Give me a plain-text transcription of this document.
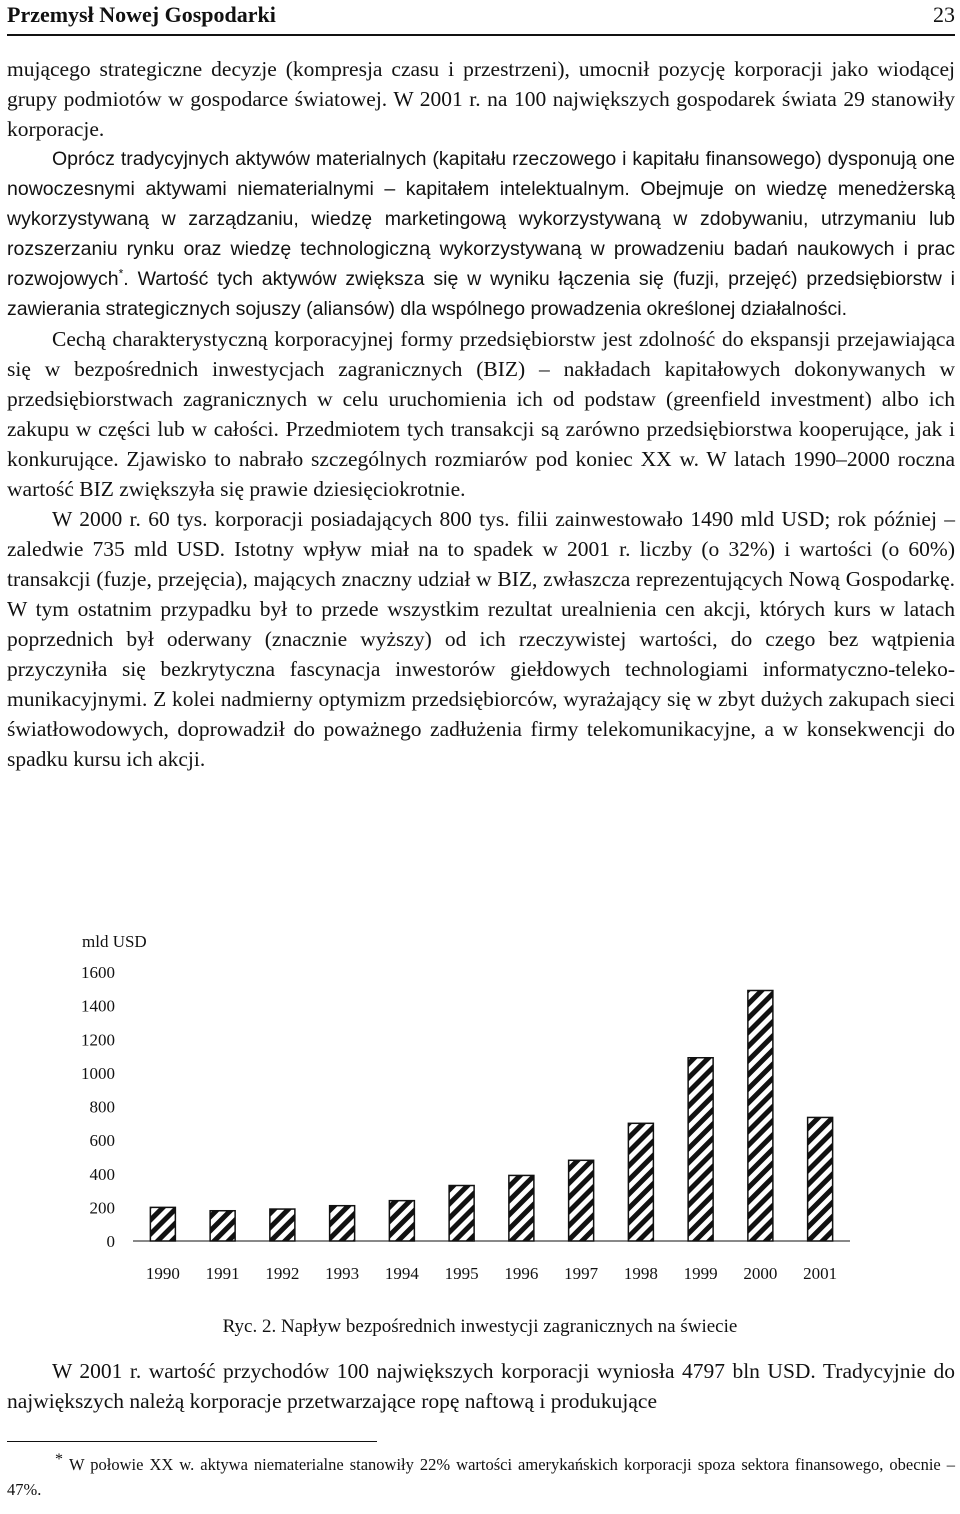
Przemysł Nowej Gospodarki	23

mującego strategiczne decyzje (kompresja czasu i przestrzeni), umocnił pozycję korporacji jako wiodącej grupy podmiotów w gospodarce światowej. W 2001 r. na 100 największych gospodarek świata 29 stanowiły korporacje.

Oprócz tradycyjnych aktywów materialnych (kapitału rzeczowego i kapitału finansowego) dysponują one nowoczesnymi aktywami niematerialnymi – kapitałem intelektualnym. Obejmuje on wiedzę menedżerską wykorzystywaną w zarządzaniu, wiedzę marketingową wykorzystywaną w zdobywaniu, utrzymaniu lub rozszerzaniu rynku oraz wiedzę technologiczną wykorzystywaną w prowadzeniu badań naukowych i prac rozwojowych*. Wartość tych aktywów zwiększa się w wyniku łączenia się (fuzji, przejęć) przedsiębiorstw i zawierania strategicznych sojuszy (aliansów) dla wspólnego prowadzenia określonej działalności.

Cechą charakterystyczną korporacyjnej formy przedsiębiorstw jest zdolność do ekspansji przejawiająca się w bezpośrednich inwestycjach zagranicznych (BIZ) – nakładach kapitałowych dokonywanych w przedsiębiorstwach zagranicznych w celu uruchomienia ich od podstaw (greenfield investment) albo ich zakupu w części lub w całości. Przedmiotem tych transakcji są zarówno przedsiębiorstwa kooperujące, jak i konkurujące. Zjawisko to nabrało szczególnych rozmiarów pod koniec XX w. W latach 1990–2000 roczna wartość BIZ zwiększyła się prawie dziesięciokrotnie.

W 2000 r. 60 tys. korporacji posiadających 800 tys. filii zainwestowało 1490 mld USD; rok później – zaledwie 735 mld USD. Istotny wpływ miał na to spadek w 2001 r. liczby (o 32%) i wartości (o 60%) transakcji (fuzje, przejęcia), mających znaczny udział w BIZ, zwłaszcza reprezentujących Nową Gospodarkę. W tym ostatnim przypadku był to przede wszystkim rezultat urealnienia cen akcji, których kurs w latach poprzednich był oderwany (znacznie wyższy) od ich rzeczywistej wartości, do czego bez wątpienia przyczyniła się bezkrytyczna fascynacja inwestorów giełdowych technologiami informatyczno-teleko-munikacyjnymi. Z kolei nadmierny optymizm przedsiębiorców, wyrażający się w zbyt dużych zakupach sieci światłowodowych, doprowadził do poważnego zadłużenia firmy telekomunikacyjne, a w konsekwencji do spadku kursu ich akcji.

mld USD
0
200
400
600
800
1000
1200
1400
1600
1990 1991 1992 1993 1994 1995 1996 1997 1998 1999 2000 2001
Ryc. 2. Napływ bezpośrednich inwestycji zagranicznych na świecie

W 2001 r. wartość przychodów 100 największych korporacji wyniosła 4797 bln USD. Tradycyjnie do największych należą korporacje przetwarzające ropę naftową i produkujące

* W połowie XX w. aktywa niematerialne stanowiły 22% wartości amerykańskich korporacji spoza sektora finansowego, obecnie – 47%.
